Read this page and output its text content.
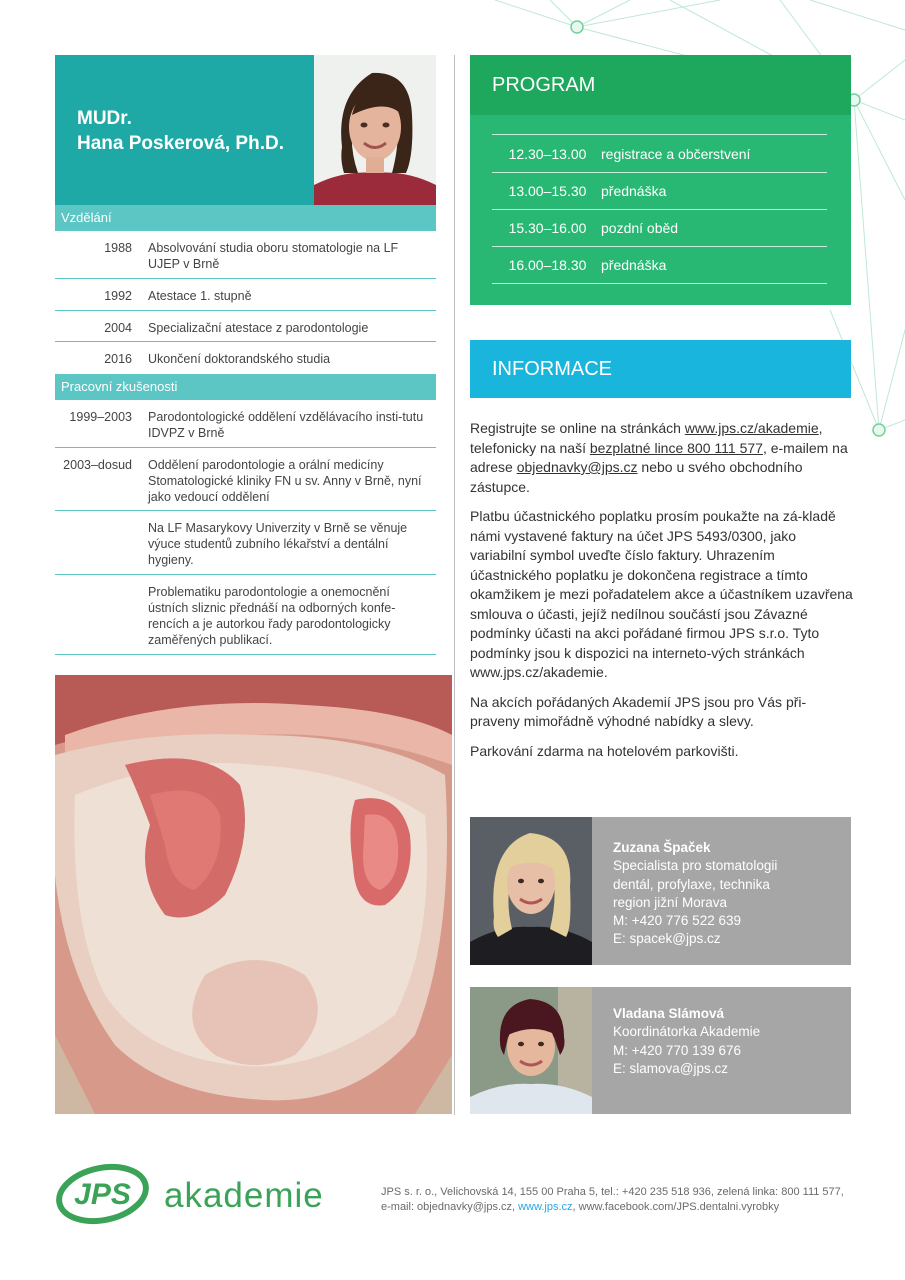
MUDr.
Hana Poskerová, Ph.D.
Vzdělání
1988 Absolvování studia oboru stomatologie na LF UJEP v Brně
1992 Atestace 1. stupně
2004 Specializační atestace z parodontologie
2016 Ukončení doktorandského studia
Pracovní zkušenosti
1999–2003 Parodontologické oddělení vzdělávacího insti-tutu IDVPZ v Brně
2003–dosud Oddělení parodontologie a orální medicíny Stomatologické kliniky FN u sv. Anny v Brně, nyní jako vedoucí oddělení
Na LF Masarykovy Univerzity v Brně se věnuje výuce studentů zubního lékařství a dentální hygieny.
Problematiku parodontologie a onemocnění ústních sliznic přednáší na odborných konfe-rencích a je autorkou řady parodontologicky zaměřených publikací.
PROGRAM
12.30–13.00	registrace a občerstvení
13.00–15.30	přednáška
15.30–16.00	pozdní oběd
16.00–18.30	přednáška
INFORMACE

Registrujte se online na stránkách www.jps.cz/akademie, telefonicky na naší bezplatné lince 800 111 577, e-mailem na adrese objednavky@jps.cz nebo u svého obchodního zástupce.

Platbu účastnického poplatku prosím poukažte na zá-kladě námi vystavené faktury na účet JPS 5493/0300, jako variabilní symbol uveďte číslo faktury. Uhrazením účastnického poplatku je dokončena registrace a tímto okamžikem je mezi pořadatelem akce a účastníkem uzavřena smlouva o účasti, jejíž nedílnou součástí jsou Závazné podmínky účasti na akci pořádané firmou JPS s.r.o. Tyto podmínky jsou k dispozici na interneto-vých stránkách www.jps.cz/akademie.

Na akcích pořádaných Akademií JPS jsou pro Vás při-praveny mimořádně výhodné nabídky a slevy.

Parkování zdarma na hotelovém parkovišti.

Zuzana Špaček
Specialista pro stomatologii
dentál, profylaxe, technika
region jižní Morava
M: +420 776 522 639
E: spacek@jps.cz
Vladana Slámová
Koordinátorka Akademie
M: +420 770 139 676
E: slamova@jps.cz
JPS akademie	JPS s. r. o., Velichovská 14, 155 00 Praha 5, tel.: +420 235 518 936, zelená linka: 800 111 577,
e-mail: objednavky@jps.cz, www.jps.cz, www.facebook.com/JPS.dentalni.vyrobky
